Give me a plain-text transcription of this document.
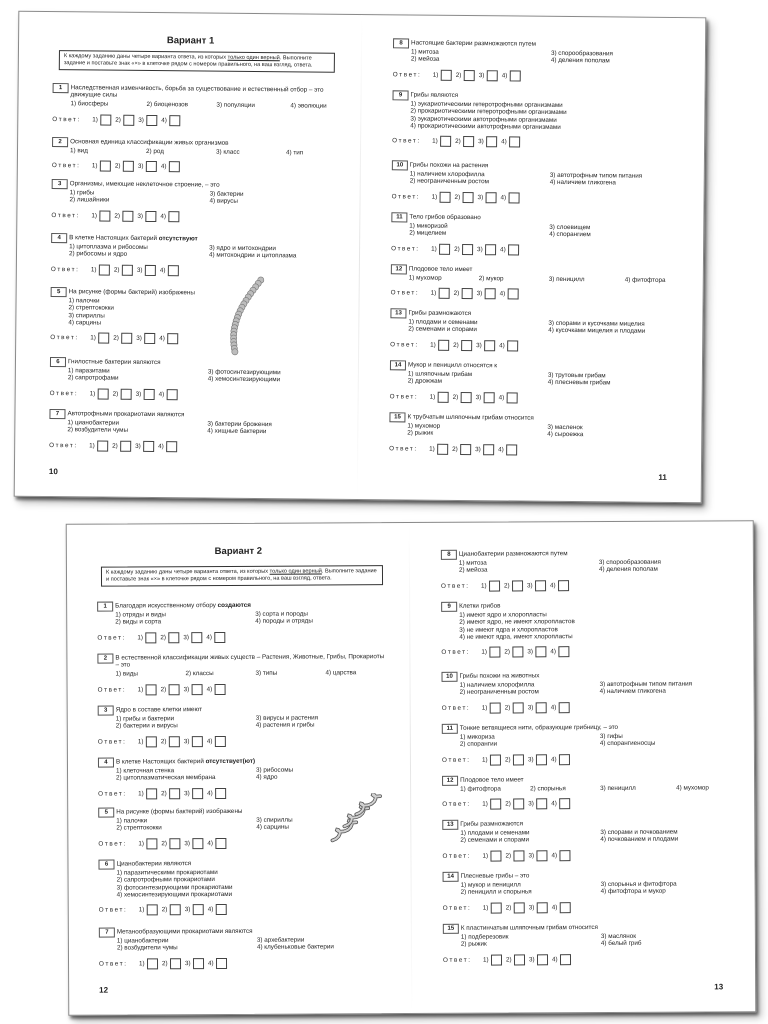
Вариант 1
К каждому заданию даны четыре варианта ответа, из которых только один верный. Выполните задание и поставьте знак «×» в клеточке рядом с номером правильного, на ваш взгляд, ответа.
10
11
1	Наследственная изменчивость, борьба за существование и естественный отбор – это движущие силы
1) биосферы	2) биоценозов	3) популяции	4) эволюции
Ответ: 1)	2)	3)	4)
2	Основная единица классификации живых организмов
1) вид	2) род	3) класс	4) тип
Ответ: 1)	2)	3)	4)
3	Организмы, имеющие неклеточное строение, – это
1) грибы
2) лишайники
3) бактерии
4) вирусы
Ответ: 1)	2)	3)	4)
4	В клетке Настоящих бактерий отсутствуют
1) цитоплазма и рибосомы
2) рибосомы и ядро
3) ядро и митохондрии
4) митохондрии и цитоплазма
Ответ: 1)	2)	3)	4)
5	На рисунке (формы бактерий) изображены
1) палочки
2) стрептококки
3) спириллы
4) сарцины
Ответ: 1)	2)	3)	4)
6	Гнилостные бактерии являются
1) паразитами
2) сапротрофами
3) фотосинтезирующими
4) хемосинтезирующими
Ответ: 1)	2)	3)	4)
7	Автотрофными прокариотами являются
1) цианобактерии
2) возбудители чумы
3) бактерии брожения
4) хищные бактерии
Ответ: 1)	2)	3)	4)
8	Настоящие бактерии размножаются путем
1) митоза
2) мейоза
3) спорообразования
4) деления пополам
Ответ: 1)	2)	3)	4)
9	Грибы являются
1) эукариотическими гетеротрофными организмами
2) прокариотическими гетеротрофными организмами
3) эукариотическими автотрофными организмами
4) прокариотическими автотрофными организмами
Ответ: 1)	2)	3)	4)
10	Грибы похожи на растения
1) наличием хлорофилла
2) неограниченным ростом
3) автотрофным типом питания
4) наличием гликогена
Ответ: 1)	2)	3)	4)
11	Тело грибов образовано
1) микоризой
2) мицелием
3) слоевищем
4) спорангием
Ответ: 1)	2)	3)	4)
12	Плодовое тело имеет
1) мухомор	2) мукор	3) пеницилл	4) фитофтора
Ответ: 1)	2)	3)	4)
13	Грибы размножаются
1) плодами и семенами
2) семенами и спорами
3) спорами и кусочками мицелия
4) кусочками мицелия и плодами
Ответ: 1)	2)	3)	4)
14	Мукор и пеницилл относятся к
1) шляпочным грибам
2) дрожжам
3) трутовым грибам
4) плесневым грибам
Ответ: 1)	2)	3)	4)
15	К трубчатым шляпочным грибам относится
1) мухомор
2) рыжик
3) масленок
4) сыроежка
Ответ: 1)	2)	3)	4)
Вариант 2
К каждому заданию даны четыре варианта ответа, из которых только один верный. Выполните задание и поставьте знак «×» в клеточке рядом с номером правильного, на ваш взгляд, ответа.
12	13
1	Благодаря искусственному отбору создаются
1) отряды и виды
2) виды и сорта
3) сорта и породы
4) породы и отряды
Ответ: 1)	2)	3)	4)
2	В естественной классификации живых существ – Растения, Животные, Грибы, Прокариоты – это
1) виды	2) классы	3) типы	4) царства
Ответ: 1)	2)	3)	4)
3	Ядро в составе клетки имеют
1) грибы и бактерии
2) бактерии и вирусы
3) вирусы и растения
4) растения и грибы
Ответ: 1)	2)	3)	4)
4	В клетке Настоящих бактерий отсутствует(ют)
1) клеточная стенка
2) цитоплазматическая мембрана
3) рибосомы
4) ядро
Ответ: 1)	2)	3)	4)
5	На рисунке (формы бактерий) изображены
1) палочки
2) стрептококки
3) спириллы
4) сарцины
Ответ: 1)	2)	3)	4)
6	Цианобактерии являются
1) паразитическими прокариотами
2) сапротрофными прокариотами
3) фотосинтезирующими прокариотами
4) хемосинтезирующими прокариотами
Ответ: 1)	2)	3)	4)
7	Метанообразующими прокариотами являются
1) цианобактерии
2) возбудители чумы
3) архебактерии
4) клубеньковые бактерии
Ответ: 1)	2)	3)	4)
8	Цианобактерии размножаются путем
1) митоза
2) мейоза
3) спорообразования
4) деления пополам
Ответ: 1)	2)	3)	4)
9	Клетки грибов
1) имеют ядро и хлоропласты
2) имеют ядро, не имеют хлоропластов
3) не имеют ядра и хлоропластов
4) не имеют ядра, имеют хлоропласты
Ответ: 1)	2)	3)	4)
10	Грибы похожи на животных
1) наличием хлорофилла
2) неограниченным ростом
3) автотрофным типом питания
4) наличием гликогена
Ответ: 1)	2)	3)	4)
11	Тонкие ветвящиеся нити, образующие грибницу, – это
1) микориза
2) спорангии
3) гифы
4) спорангиеносцы
Ответ: 1)	2)	3)	4)
12	Плодовое тело имеет
1) фитофтора	2) спорынья	3) пеницилл	4) мухомор
Ответ: 1)	2)	3)	4)
13	Грибы размножаются
1) плодами и семенами
2) семенами и спорами
3) спорами и почкованием
4) почкованием и плодами
Ответ: 1)	2)	3)	4)
14	Плесневые грибы – это
1) мукор и пеницилл
2) пеницилл и спорынья
3) спорынья и фитофтора
4) фитофтора и мукор
Ответ: 1)	2)	3)	4)
15	К пластинчатым шляпочным грибам относится
1) подберезовик
2) рыжик
3) маслянок
4) белый гриб
Ответ: 1)	2)	3)	4)
